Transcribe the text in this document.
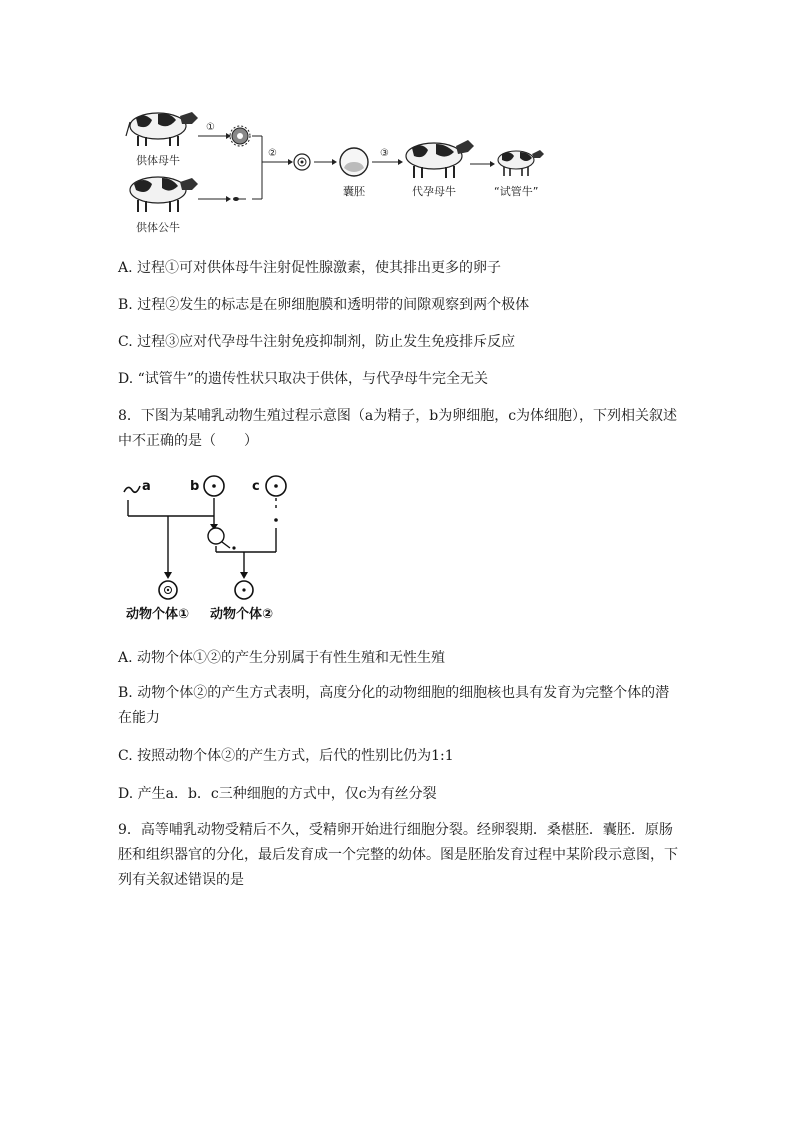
供体母牛
供体公牛
①
②
囊胚
③
代孕母牛	“试管牛”
A. 过程①可对供体母牛注射促性腺激素，使其排出更多的卵子
B. 过程②发生的标志是在卵细胞膜和透明带的间隙观察到两个极体
C. 过程③应对代孕母牛注射免疫抑制剂，防止发生免疫排斥反应
D. “试管牛”的遗传性状只取决于供体，与代孕母牛完全无关
8．下图为某哺乳动物生殖过程示意图（a为精子，b为卵细胞，c为体细胞），下列相关叙述中不正确的是（　　）
a	b	c
动物个体① 动物个体②
A. 动物个体①②的产生分别属于有性生殖和无性生殖
B. 动物个体②的产生方式表明，高度分化的动物细胞的细胞核也具有发育为完整个体的潜在能力
C. 按照动物个体②的产生方式，后代的性别比仍为1:1
D. 产生a．b．c三种细胞的方式中，仅c为有丝分裂
9．高等哺乳动物受精后不久，受精卵开始进行细胞分裂。经卵裂期．桑椹胚．囊胚．原肠胚和组织器官的分化，最后发育成一个完整的幼体。图是胚胎发育过程中某阶段示意图，下列有关叙述错误的是
